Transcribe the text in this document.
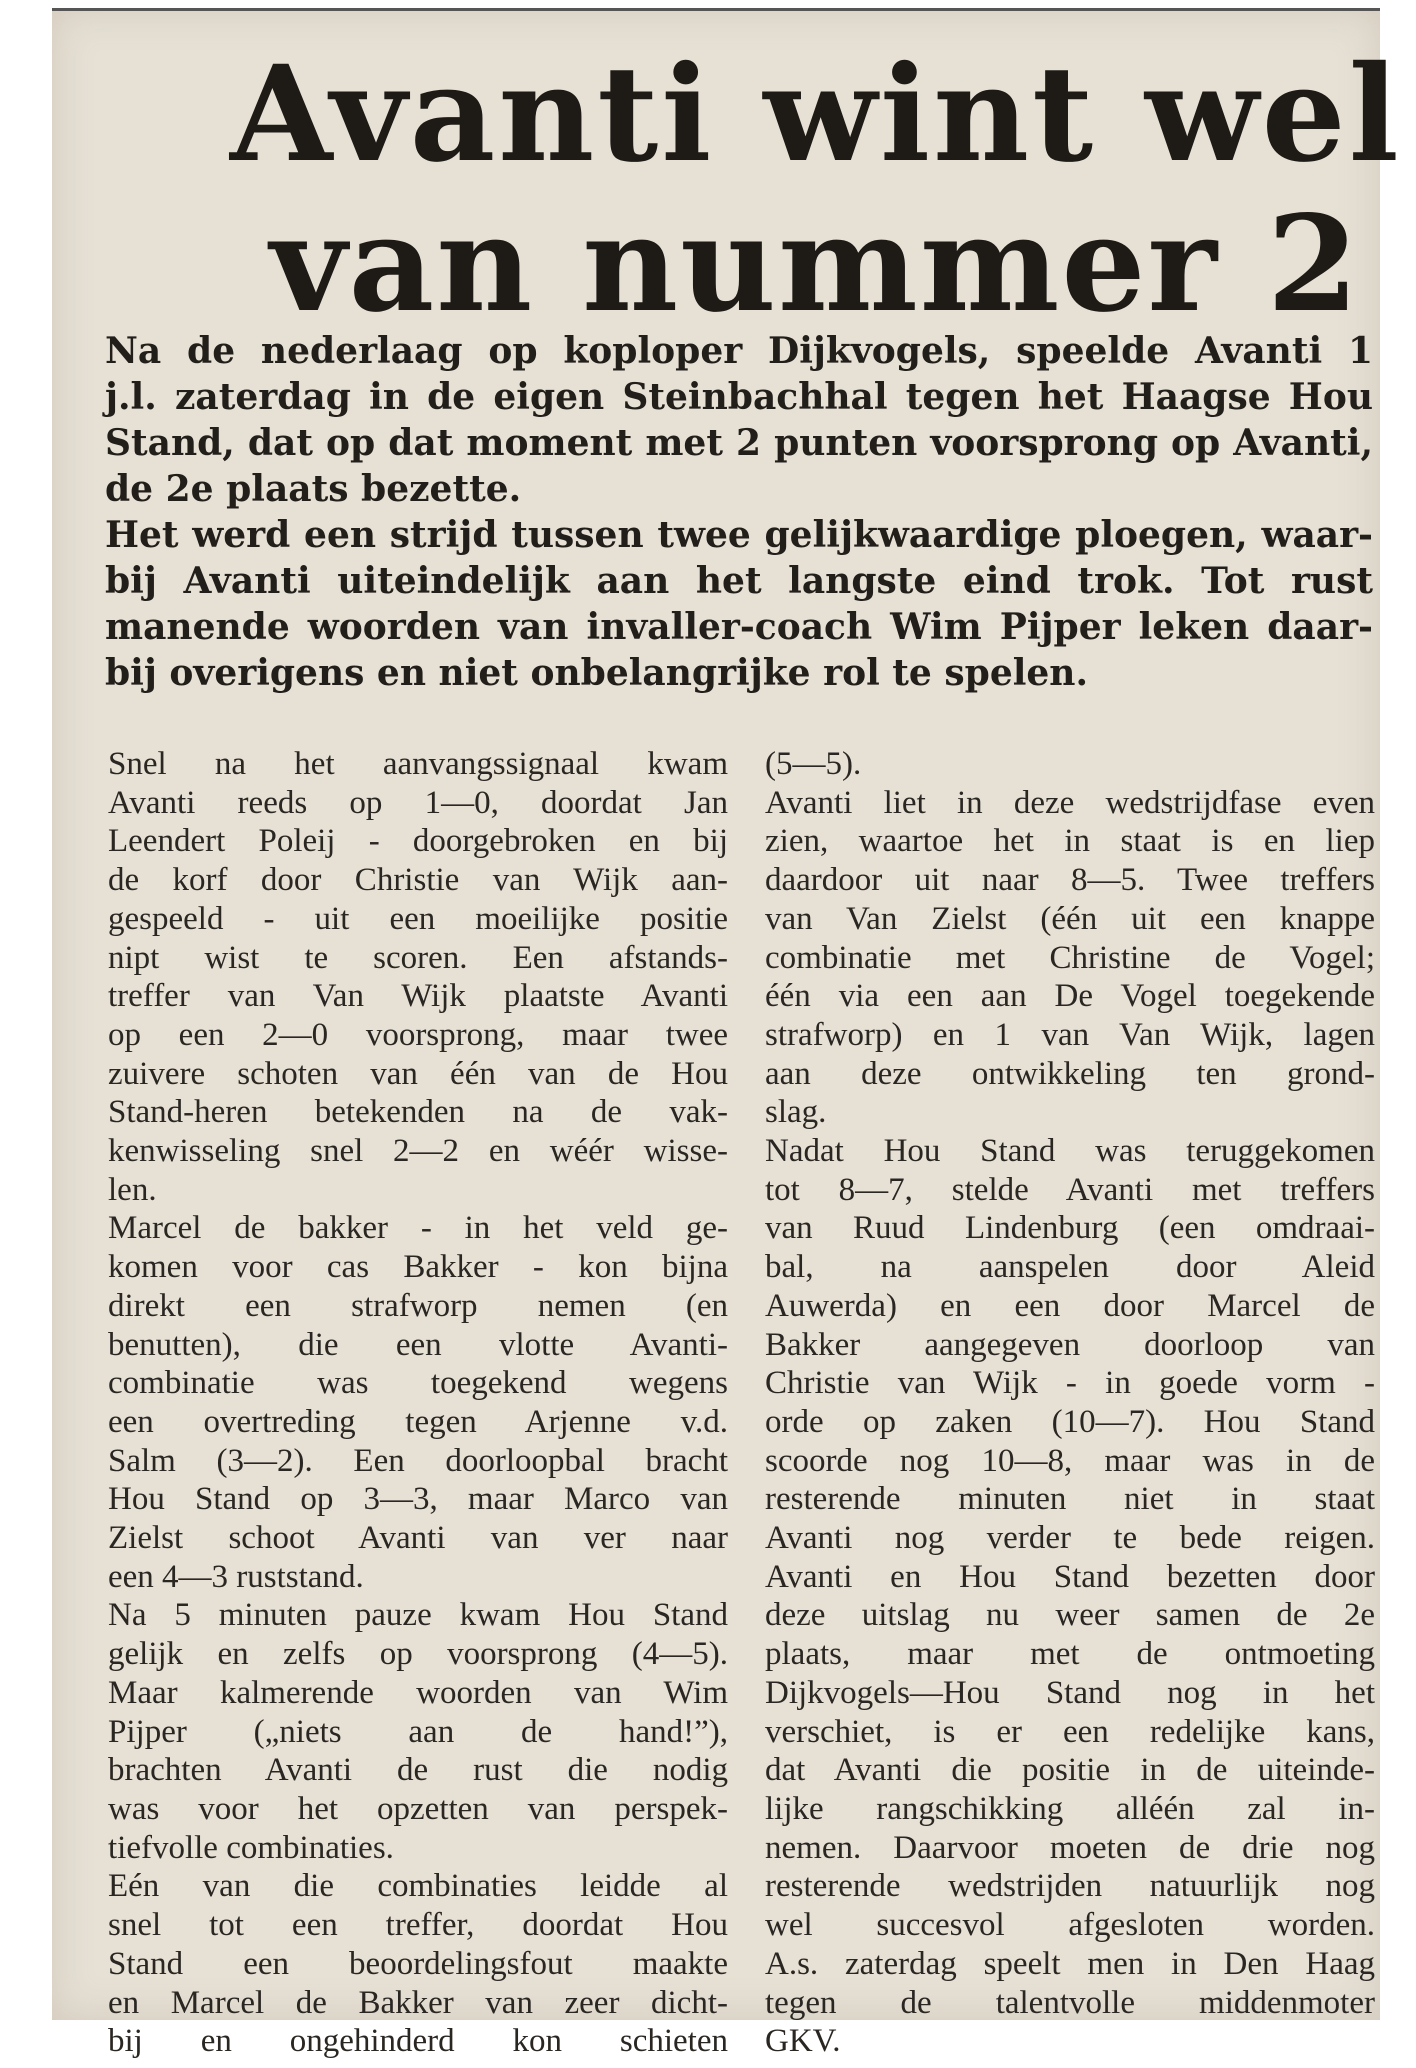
Avanti wint wel
van nummer 2
Na de nederlaag op koploper Dijkvogels, speelde Avanti 1
j.l. zaterdag in de eigen Steinbachhal tegen het Haagse Hou
Stand, dat op dat moment met 2 punten voorsprong op Avanti,
de 2e plaats bezette.
Het werd een strijd tussen twee gelijkwaardige ploegen, waar-
bij Avanti uiteindelijk aan het langste eind trok. Tot rust
manende woorden van invaller-coach Wim Pijper leken daar-
bij overigens en niet onbelangrijke rol te spelen.
Snel na het aanvangssignaal kwam
Avanti reeds op 1—0, doordat Jan
Leendert Poleij - doorgebroken en bij
de korf door Christie van Wijk aan-
gespeeld - uit een moeilijke positie
nipt wist te scoren. Een afstands-
treffer van Van Wijk plaatste Avanti
op een 2—0 voorsprong, maar twee
zuivere schoten van één van de Hou
Stand-heren betekenden na de vak-
kenwisseling snel 2—2 en wéér wisse-
len.
Marcel de bakker - in het veld ge-
komen voor cas Bakker - kon bijna
direkt een strafworp nemen (en
benutten), die een vlotte Avanti-
combinatie was toegekend wegens
een overtreding tegen Arjenne v.d.
Salm (3—2). Een doorloopbal bracht
Hou Stand op 3—3, maar Marco van
Zielst schoot Avanti van ver naar
een 4—3 ruststand.
Na 5 minuten pauze kwam Hou Stand
gelijk en zelfs op voorsprong (4—5).
Maar kalmerende woorden van Wim
Pijper („niets aan de hand!”),
brachten Avanti de rust die nodig
was voor het opzetten van perspek-
tiefvolle combinaties.
Eén van die combinaties leidde al
snel tot een treffer, doordat Hou
Stand een beoordelingsfout maakte
en Marcel de Bakker van zeer dicht-
bij en ongehinderd kon schieten
(5—5).
Avanti liet in deze wedstrijdfase even
zien, waartoe het in staat is en liep
daardoor uit naar 8—5. Twee treffers
van Van Zielst (één uit een knappe
combinatie met Christine de Vogel;
één via een aan De Vogel toegekende
strafworp) en 1 van Van Wijk, lagen
aan deze ontwikkeling ten grond-
slag.
Nadat Hou Stand was teruggekomen
tot 8—7, stelde Avanti met treffers
van Ruud Lindenburg (een omdraai-
bal, na aanspelen door Aleid
Auwerda) en een door Marcel de
Bakker aangegeven doorloop van
Christie van Wijk - in goede vorm -
orde op zaken (10—7). Hou Stand
scoorde nog 10—8, maar was in de
resterende minuten niet in staat
Avanti nog verder te bede reigen.
Avanti en Hou Stand bezetten door
deze uitslag nu weer samen de 2e
plaats, maar met de ontmoeting
Dijkvogels—Hou Stand nog in het
verschiet, is er een redelijke kans,
dat Avanti die positie in de uiteinde-
lijke rangschikking alléén zal in-
nemen. Daarvoor moeten de drie nog
resterende wedstrijden natuurlijk nog
wel succesvol afgesloten worden.
A.s. zaterdag speelt men in Den Haag
tegen de talentvolle middenmoter
GKV.
